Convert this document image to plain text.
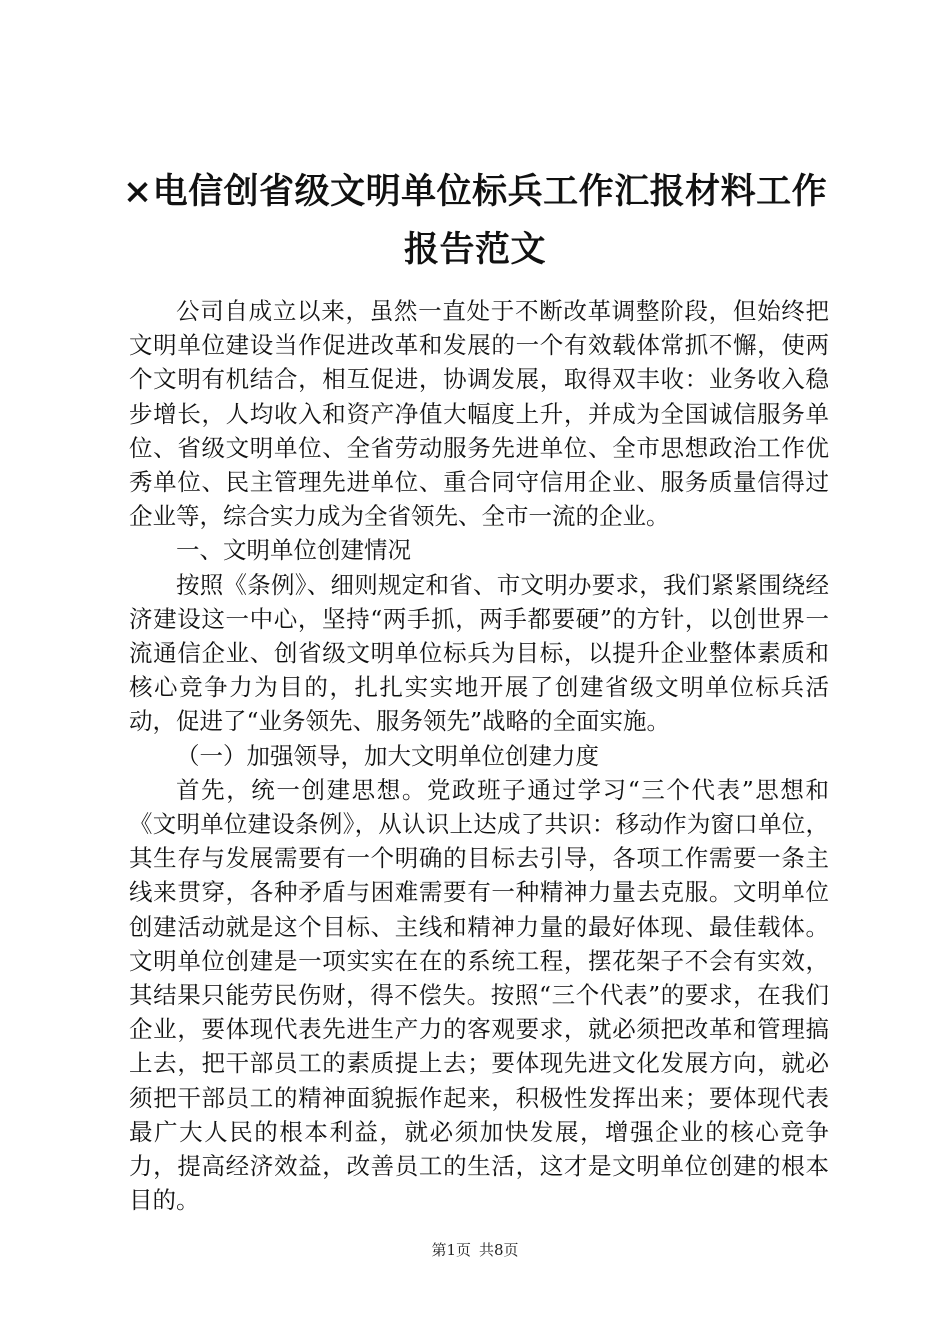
×电信创省级文明单位标兵工作汇报材料工作报告范文

公司自成立以来，虽然一直处于不断改革调整阶段，但始终把文明单位建设当作促进改革和发展的一个有效载体常抓不懈，使两个文明有机结合，相互促进，协调发展，取得双丰收：业务收入稳步增长，人均收入和资产净值大幅度上升，并成为全国诚信服务单位、省级文明单位、全省劳动服务先进单位、全市思想政治工作优秀单位、民主管理先进单位、重合同守信用企业、服务质量信得过企业等，综合实力成为全省领先、全市一流的企业。

一、文明单位创建情况

按照《条例》、细则规定和省、市文明办要求，我们紧紧围绕经济建设这一中心，坚持“两手抓，两手都要硬”的方针，以创世界一流通信企业、创省级文明单位标兵为目标，以提升企业整体素质和核心竞争力为目的，扎扎实实地开展了创建省级文明单位标兵活动，促进了“业务领先、服务领先”战略的全面实施。

（一）加强领导，加大文明单位创建力度

首先，统一创建思想。党政班子通过学习“三个代表”思想和《文明单位建设条例》，从认识上达成了共识：移动作为窗口单位，其生存与发展需要有一个明确的目标去引导，各项工作需要一条主线来贯穿，各种矛盾与困难需要有一种精神力量去克服。文明单位创建活动就是这个目标、主线和精神力量的最好体现、最佳载体。文明单位创建是一项实实在在的系统工程，摆花架子不会有实效，其结果只能劳民伤财，得不偿失。按照“三个代表”的要求，在我们企业，要体现代表先进生产力的客观要求，就必须把改革和管理搞上去，把干部员工的素质提上去；要体现先进文化发展方向，就必须把干部员工的精神面貌振作起来，积极性发挥出来；要体现代表最广大人民的根本利益，就必须加快发展，增强企业的核心竞争力，提高经济效益，改善员工的生活，这才是文明单位创建的根本目的。

第1页 共8页
